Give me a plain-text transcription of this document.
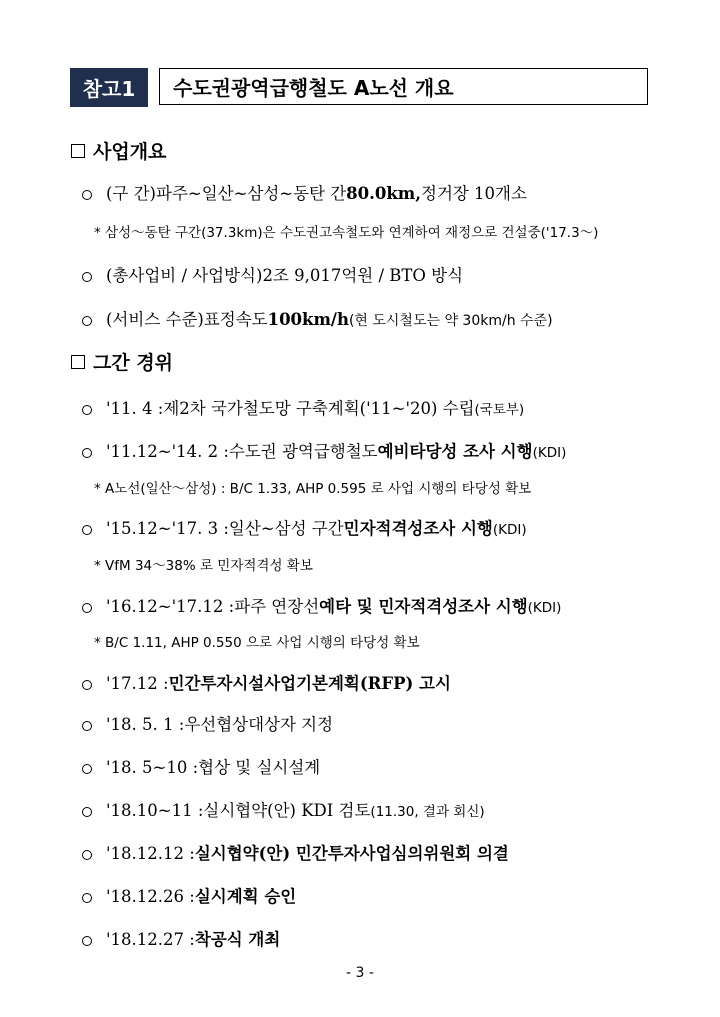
참고1	수도권광역급행철도 A노선 개요
사업개요
(구 간) 파주~일산~삼성~동탄 간 80.0km, 정거장 10개소
* 삼성～동탄 구간(37.3km)은 수도권고속철도와 연계하여 재정으로 건설중('17.3～)
(총사업비 / 사업방식) 2조 9,017억원 / BTO 방식
(서비스 수준) 표정속도 100km/h (현 도시철도는 약 30km/h 수준)
그간 경위
'11. 4 : 제2차 국가철도망 구축계획 ('11~'20) 수립 (국토부)
'11.12~'14. 2 : 수도권 광역급행철도 예비타당성 조사 시행 (KDI)
* A노선(일산～삼성) : B/C 1.33, AHP 0.595 로 사업 시행의 타당성 확보
'15.12~'17. 3 : 일산~삼성 구간 민자적격성조사 시행 (KDI)
* VfM 34～38% 로 민자적격성 확보
'16.12~'17.12 : 파주 연장선 예타 및 민자적격성조사 시행 (KDI)
* B/C 1.11, AHP 0.550 으로 사업 시행의 타당성 확보
'17.12 : 민간투자시설사업기본계획(RFP) 고시
'18. 5. 1 : 우선협상대상자 지정
'18. 5~10 : 협상 및 실시설계
'18.10~11 : 실시협약(안) KDI 검토 (11.30, 결과 회신)
'18.12.12 : 실시협약(안) 민간투자사업심의위원회 의결
'18.12.26 : 실시계획 승인
'18.12.27 : 착공식 개최
- 3 -
